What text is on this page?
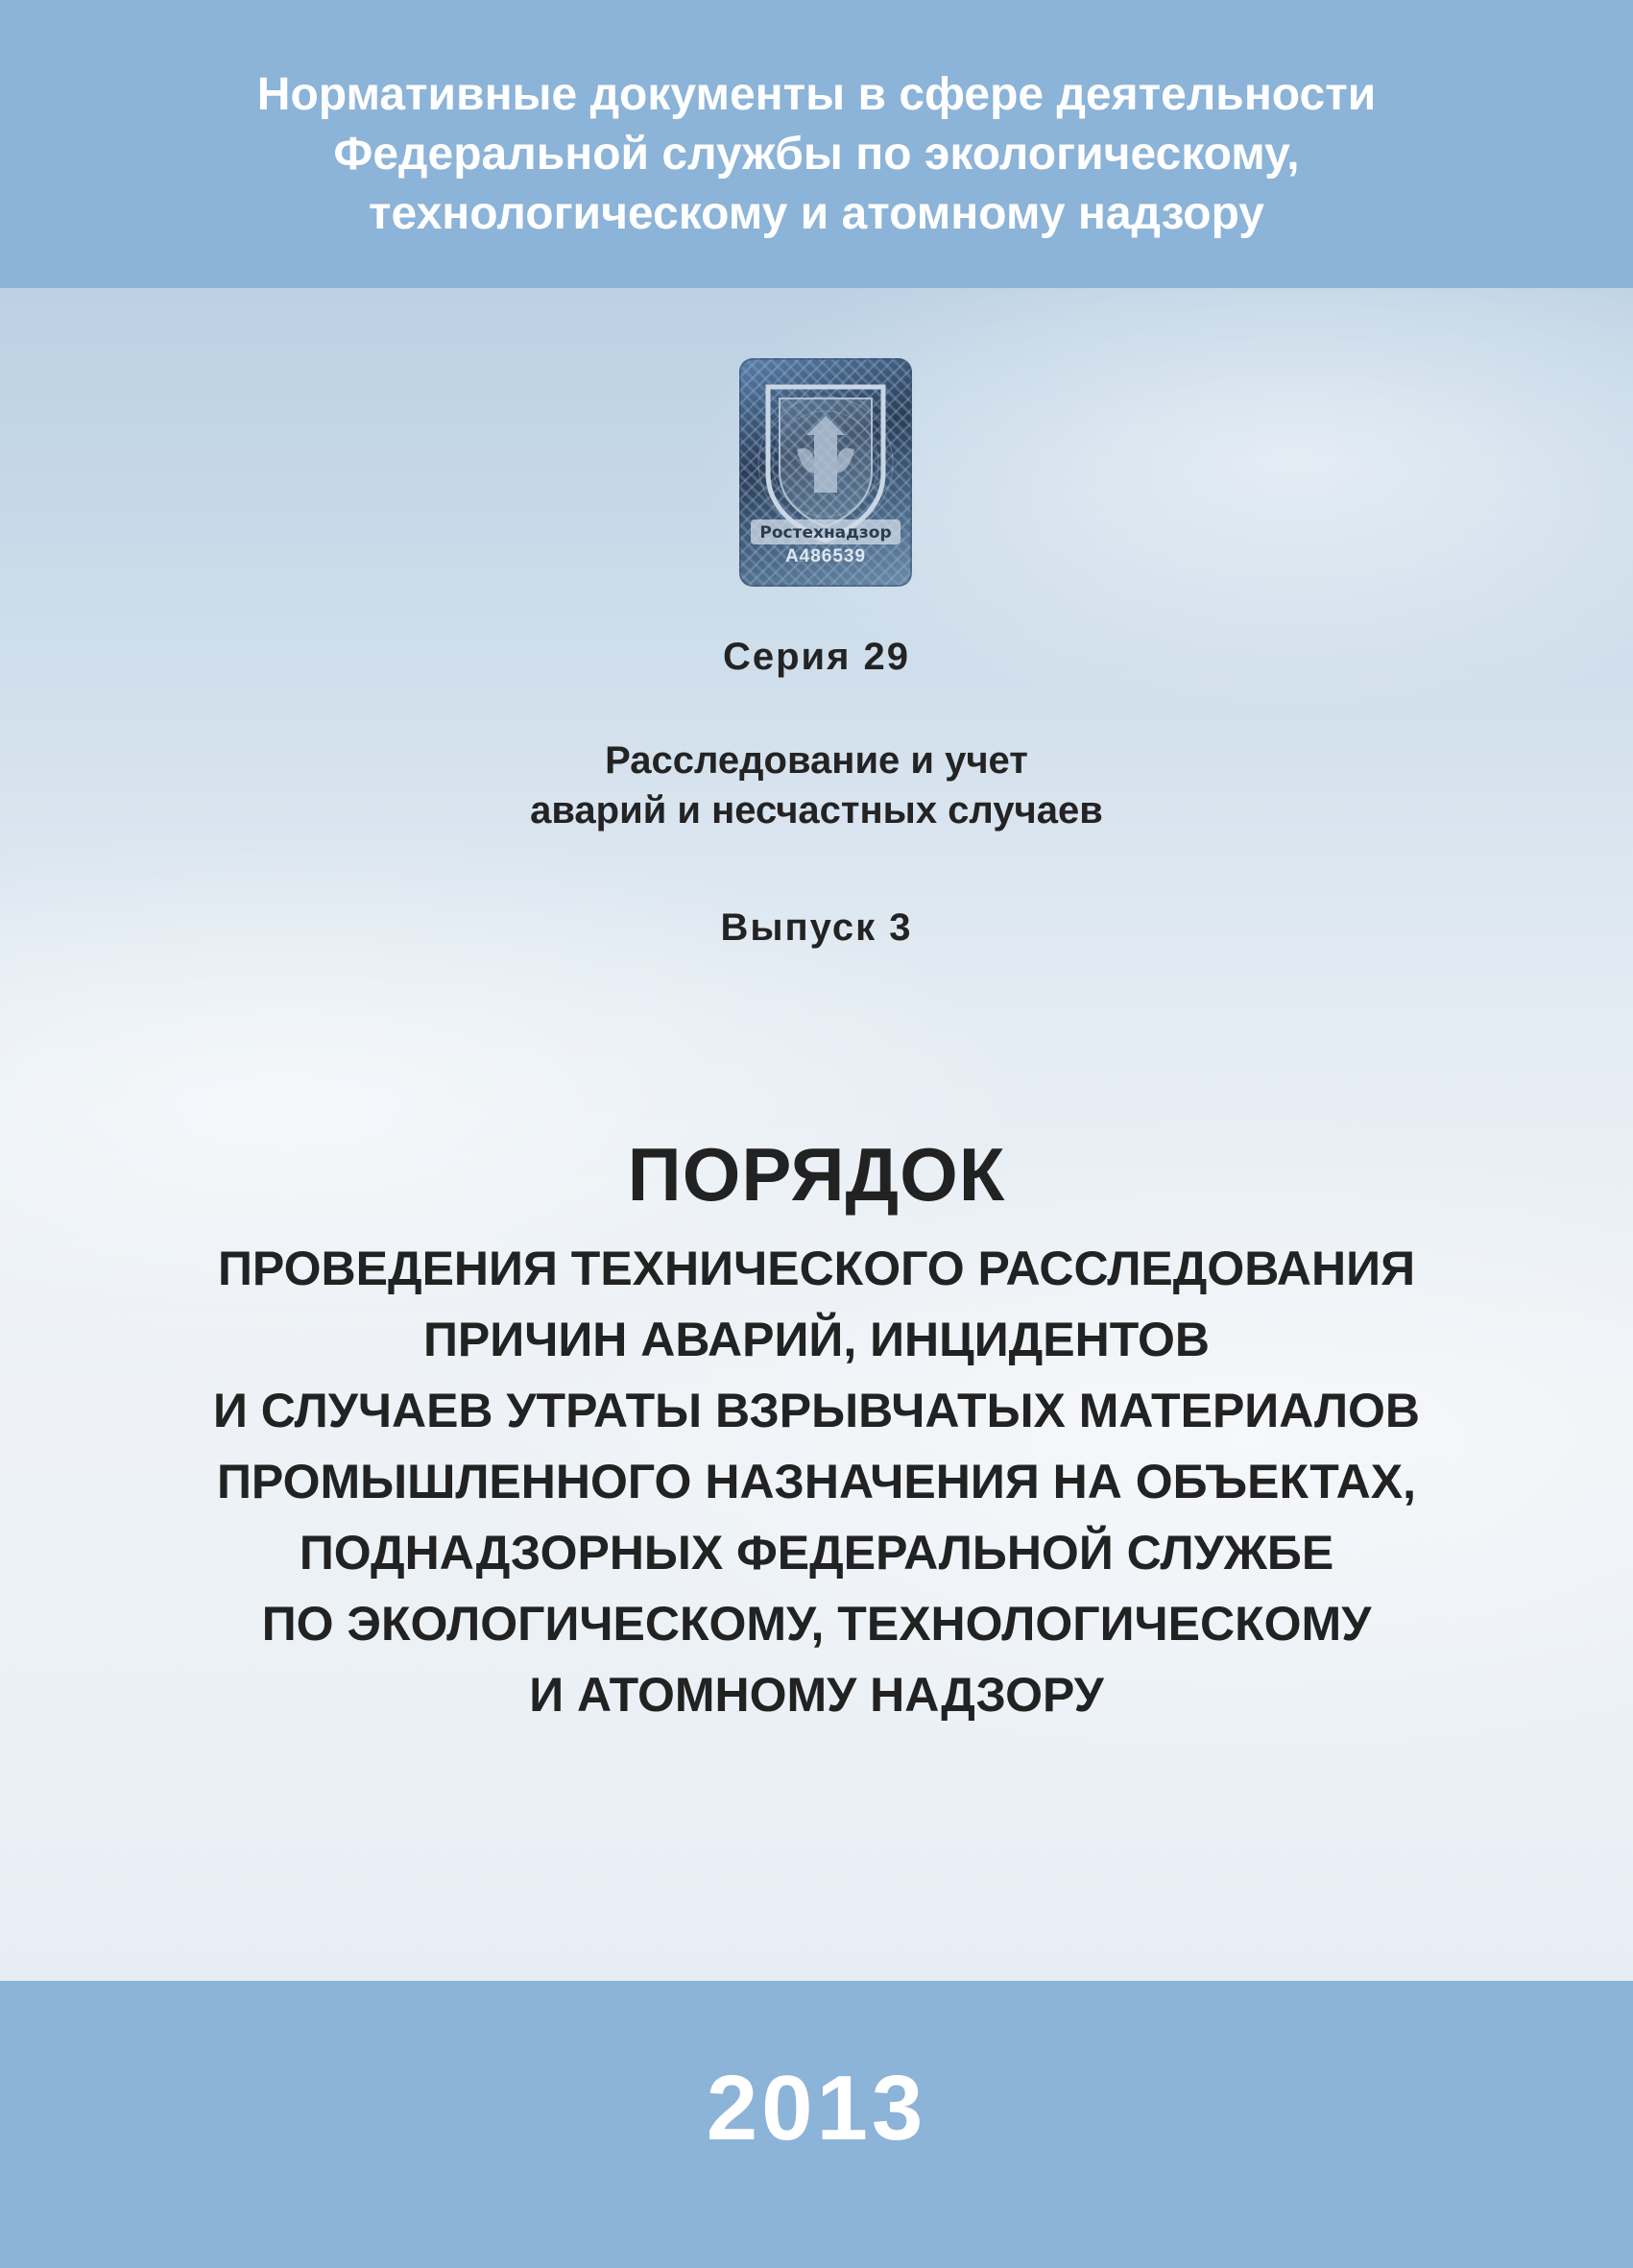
Нормативные документы в сфере деятельности
Федеральной службы по экологическому,
технологическому и атомному надзору
Ростехнадзор
А486539
Серия 29
Расследование и учет
аварий и несчастных случаев
Выпуск 3
ПОРЯДОК
ПРОВЕДЕНИЯ ТЕХНИЧЕСКОГО РАССЛЕДОВАНИЯ
ПРИЧИН АВАРИЙ, ИНЦИДЕНТОВ
И СЛУЧАЕВ УТРАТЫ ВЗРЫВЧАТЫХ МАТЕРИАЛОВ
ПРОМЫШЛЕННОГО НАЗНАЧЕНИЯ НА ОБЪЕКТАХ,
ПОДНАДЗОРНЫХ ФЕДЕРАЛЬНОЙ СЛУЖБЕ
ПО ЭКОЛОГИЧЕСКОМУ, ТЕХНОЛОГИЧЕСКОМУ
И АТОМНОМУ НАДЗОРУ
2013
